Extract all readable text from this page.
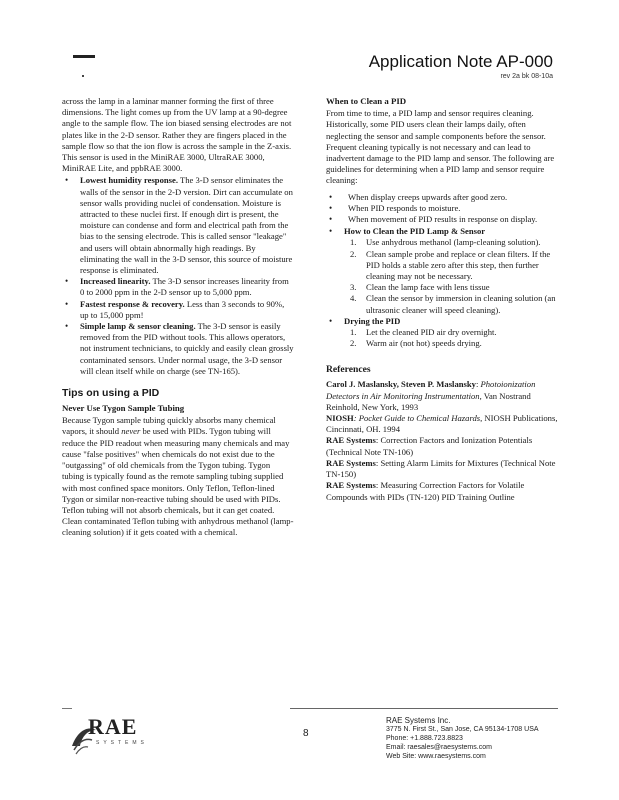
Application Note AP-000
rev 2a bk 08-10a

across the lamp in a laminar manner forming the first of three dimensions. The light comes up from the UV lamp at a 90-degree angle to the sample flow. The ion biased sensing electrodes are not plates like in the 2-D sensor. Rather they are fingers placed in the sample flow so that the ion flow is across the sample in the Z-axis. This sensor is used in the MiniRAE 3000, UltraRAE 3000, MiniRAE Lite, and ppbRAE 3000.

• Lowest humidity response. The 3-D sensor eliminates the walls of the sensor in the 2-D version. Dirt can accumulate on sensor walls providing nuclei of condensation. Moisture is attracted to these nuclei first. If enough dirt is present, the moisture can condense and form and electrical path from the bias to the sensing electrode. This is called sensor "leakage" and users will obtain abnormally high readings. By eliminating the wall in the 3-D sensor, this source of moisture response is eliminated.
• Increased linearity. The 3-D sensor increases linearity from 0 to 2000 ppm in the 2-D sensor up to 5,000 ppm.
• Fastest response & recovery. Less than 3 seconds to 90%, up to 15,000 ppm!
• Simple lamp & sensor cleaning. The 3-D sensor is easily removed from the PID without tools. This allows operators, not instrument technicians, to quickly and easily clean grossly contaminated sensors. Under normal usage, the 3-D sensor will clean itself while on charge (see TN-165).
Tips on using a PID
Never Use Tygon Sample Tubing

Because Tygon sample tubing quickly absorbs many chemical vapors, it should never be used with PIDs. Tygon tubing will reduce the PID readout when measuring many chemicals and may cause "false positives" when chemicals do not exist due to the "outgassing" of old chemicals from the Tygon tubing. Tygon tubing is typically found as the remote sampling tubing supplied with most confined space monitors. Only Teflon, Teflon-lined Tygon or similar non-reactive tubing should be used with PIDs. Teflon tubing will not absorb chemicals, but it can get coated. Clean contaminated Teflon tubing with anhydrous methanol (lamp-cleaning solution) if it gets coated with a chemical.

When to Clean a PID

From time to time, a PID lamp and sensor requires cleaning. Historically, some PID users clean their lamps daily, often neglecting the sensor and sample components before the sensor. Frequent cleaning typically is not necessary and can lead to inadvertent damage to the PID lamp and sensor. The following are guidelines for determining when a PID lamp and sensor require cleaning:

• When display creeps upwards after good zero.
• When PID responds to moisture.
• When movement of PID results in response on display.
• How to Clean the PID Lamp & Sensor
1. Use anhydrous methanol (lamp-cleaning solution).
2. Clean sample probe and replace or clean filters. If the PID holds a stable zero after this step, then further cleaning may not be necessary.
3. Clean the lamp face with lens tissue
4. Clean the sensor by immersion in cleaning solution (an ultrasonic cleaner will speed cleaning).
• Drying the PID
1. Let the cleaned PID air dry overnight.
2. Warm air (not hot) speeds drying.
References

Carol J. Maslansky, Steven P. Maslansky: Photoionization Detectors in Air Monitoring Instrumentation, Van Nostrand Reinhold, New York, 1993

NIOSH: Pocket Guide to Chemical Hazards, NIOSH Publications, Cincinnati, OH. 1994

RAE Systems: Correction Factors and Ionization Potentials (Technical Note TN-106)

RAE Systems: Setting Alarm Limits for Mixtures (Technical Note TN-150)

RAE Systems: Measuring Correction Factors for Volatile Compounds with PIDs (TN-120) PID Training Outline

RAE
SYSTEMS
8
RAE Systems Inc.
3775 N. First St., San Jose, CA 95134-1708 USA
Phone: +1.888.723.8823
Email: raesales@raesystems.com
Web Site: www.raesystems.com
